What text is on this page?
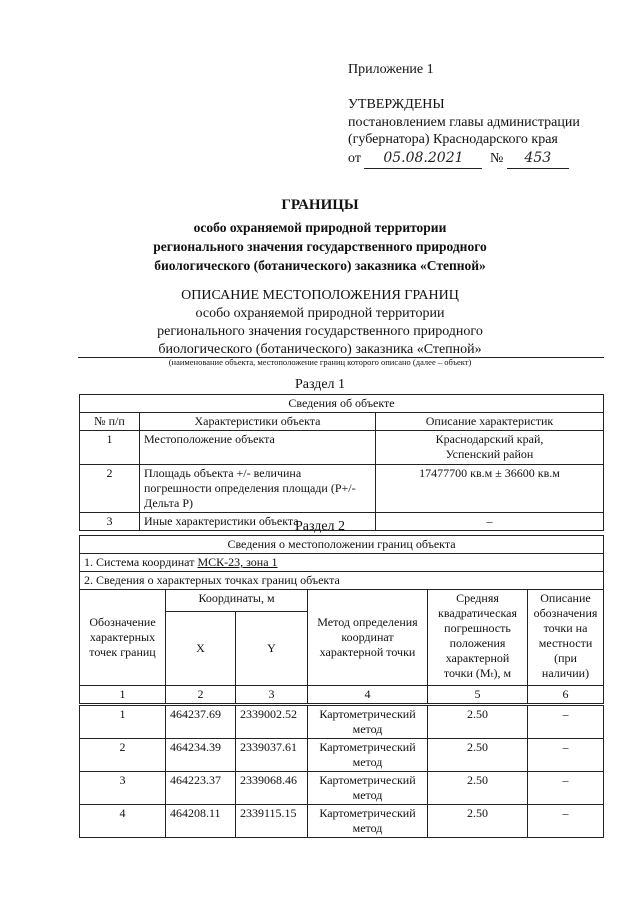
Приложение 1
УТВЕРЖДЕНЫ
постановлением главы администрации
(губернатора) Краснодарского края
от 05.08.2021 № 453
ГРАНИЦЫ
особо охраняемой природной территории
регионального значения государственного природного
биологического (ботанического) заказника «Степной»
ОПИСАНИЕ МЕСТОПОЛОЖЕНИЯ ГРАНИЦ
особо охраняемой природной территории
регионального значения государственного природного
биологического (ботанического) заказника «Степной»
(наименование объекта, местоположение границ которого описано (далее – объект)
Раздел 1
Сведения об объекте		
№ п/п	Характеристики объекта	Описание характеристик
1	Местоположение объекта	Краснодарский край,
Успенский район
2	Площадь объекта +/- величина погрешности определения площади (Р+/- Дельта Р)	17477700 кв.м ± 36600 кв.м
3	Иные характеристики объекта	–
Раздел 2
Сведения о местоположении границ объекта					
1. Система координат МСК-23, зона 1					
2. Сведения о характерных точках границ объекта					
Обозначение характерных точек границ	Координаты, м		Метод определения координат характерной точки	Средняя квадратическая погрешность положения характерной точки (Mₜ), м	Описание обозначения точки на местности (при наличии)
	X	Y			
1	2	3	4	5	6
1	464237.69	2339002.52	Картометрический метод	2.50	–
2	464234.39	2339037.61	Картометрический метод	2.50	–
3	464223.37	2339068.46	Картометрический метод	2.50	–
4	464208.11	2339115.15	Картометрический метод	2.50	–
